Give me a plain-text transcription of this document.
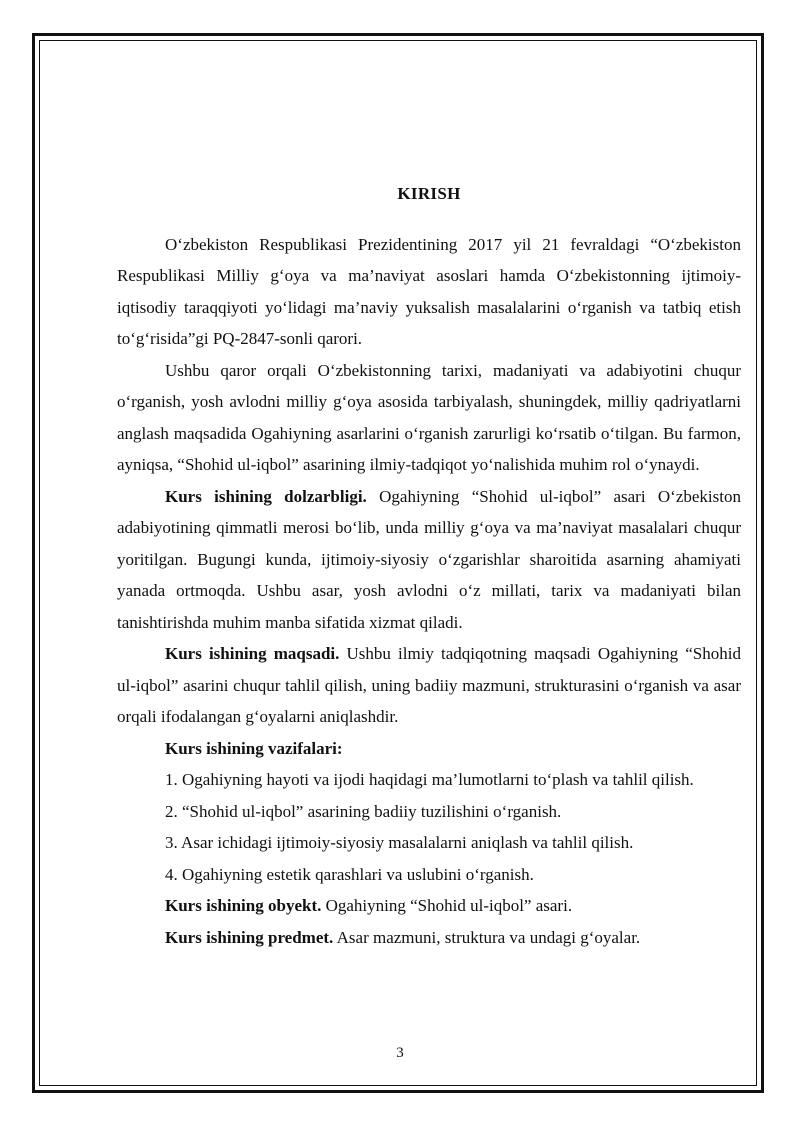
KIRISH

O‘zbekiston Respublikasi Prezidentining 2017 yil 21 fevraldagi “O‘zbekiston Respublikasi Milliy g‘oya va ma’naviyat asoslari hamda O‘zbekistonning ijtimoiy-iqtisodiy taraqqiyoti yo‘lidagi ma’naviy yuksalish masalalarini o‘rganish va tatbiq etish to‘g‘risida”gi PQ-2847-sonli qarori.

Ushbu qaror orqali O‘zbekistonning tarixi, madaniyati va adabiyotini chuqur o‘rganish, yosh avlodni milliy g‘oya asosida tarbiyalash, shuningdek, milliy qadriyatlarni anglash maqsadida Ogahiyning asarlarini o‘rganish zarurligi ko‘rsatib o‘tilgan. Bu farmon, ayniqsa, “Shohid ul-iqbol” asarining ilmiy-tadqiqot yo‘nalishida muhim rol o‘ynaydi.

Kurs ishining dolzarbligi. Ogahiyning “Shohid ul-iqbol” asari O‘zbekiston adabiyotining qimmatli merosi bo‘lib, unda milliy g‘oya va ma’naviyat masalalari chuqur yoritilgan. Bugungi kunda, ijtimoiy-siyosiy o‘zgarishlar sharoitida asarning ahamiyati yanada ortmoqda. Ushbu asar, yosh avlodni o‘z millati, tarix va madaniyati bilan tanishtirishda muhim manba sifatida xizmat qiladi.

Kurs ishining maqsadi. Ushbu ilmiy tadqiqotning maqsadi Ogahiyning “Shohid ul-iqbol” asarini chuqur tahlil qilish, uning badiiy mazmuni, strukturasini o‘rganish va asar orqali ifodalangan g‘oyalarni aniqlashdir.

Kurs ishining vazifalari:

1. Ogahiyning hayoti va ijodi haqidagi ma’lumotlarni to‘plash va tahlil qilish.

2. “Shohid ul-iqbol” asarining badiiy tuzilishini o‘rganish.

3. Asar ichidagi ijtimoiy-siyosiy masalalarni aniqlash va tahlil qilish.

4. Ogahiyning estetik qarashlari va uslubini o‘rganish.

Kurs ishining obyekt. Ogahiyning “Shohid ul-iqbol” asari.

Kurs ishining predmet. Asar mazmuni, struktura va undagi g‘oyalar.

3
